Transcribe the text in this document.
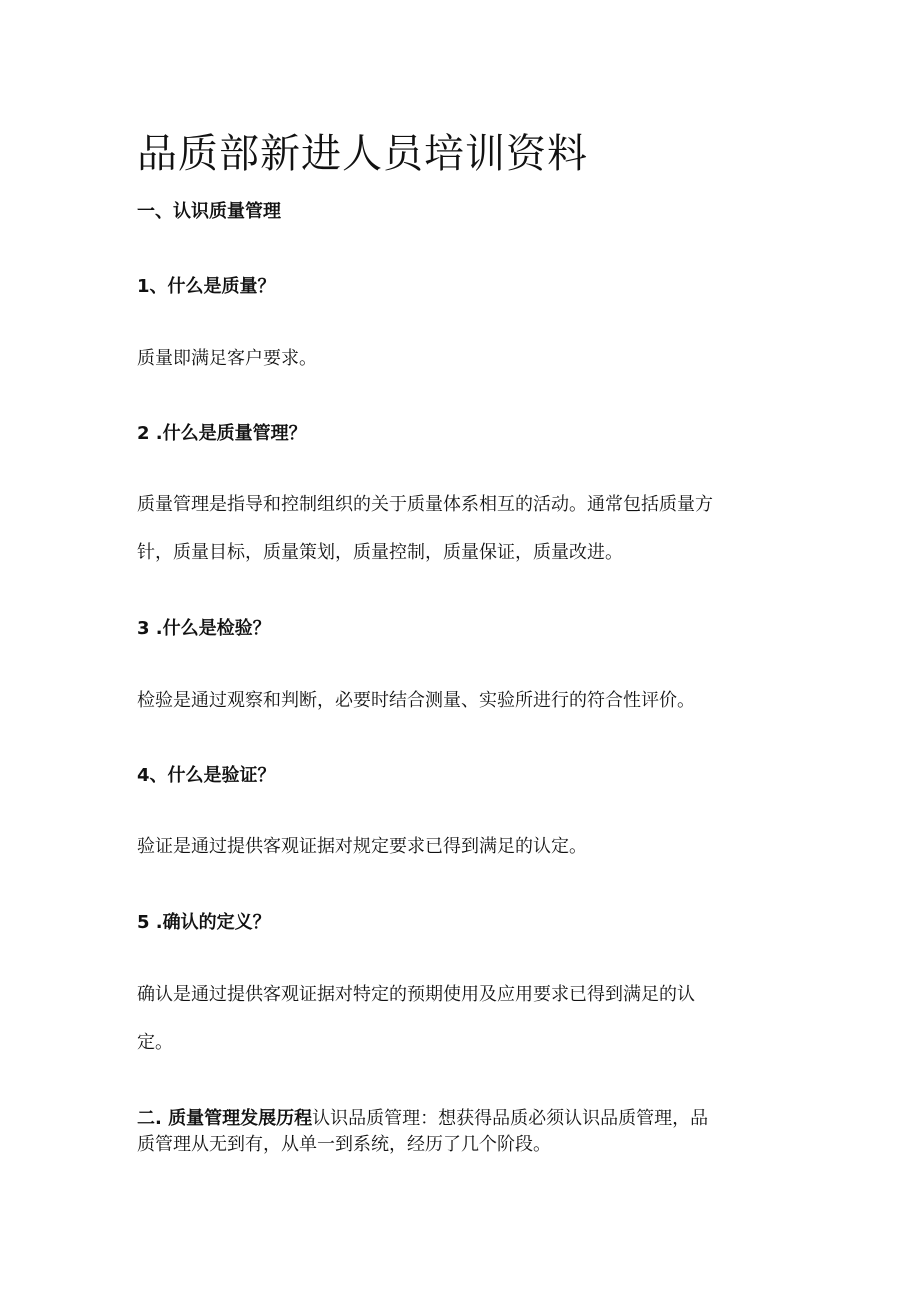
品质部新进人员培训资料
一、认识质量管理
1、什么是质量？

质量即满足客户要求。

2 .什么是质量管理？

质量管理是指导和控制组织的关于质量体系相互的活动。通常包括质量方

针，质量目标，质量策划，质量控制，质量保证，质量改进。

3 .什么是检验？

检验是通过观察和判断，必要时结合测量、实验所进行的符合性评价。

4、什么是验证？

验证是通过提供客观证据对规定要求已得到满足的认定。

5 .确认的定义？

确认是通过提供客观证据对特定的预期使用及应用要求已得到满足的认

定。

二. 质量管理发展历程认识品质管理：想获得品质必须认识品质管理，品

质管理从无到有，从单一到系统，经历了几个阶段。
